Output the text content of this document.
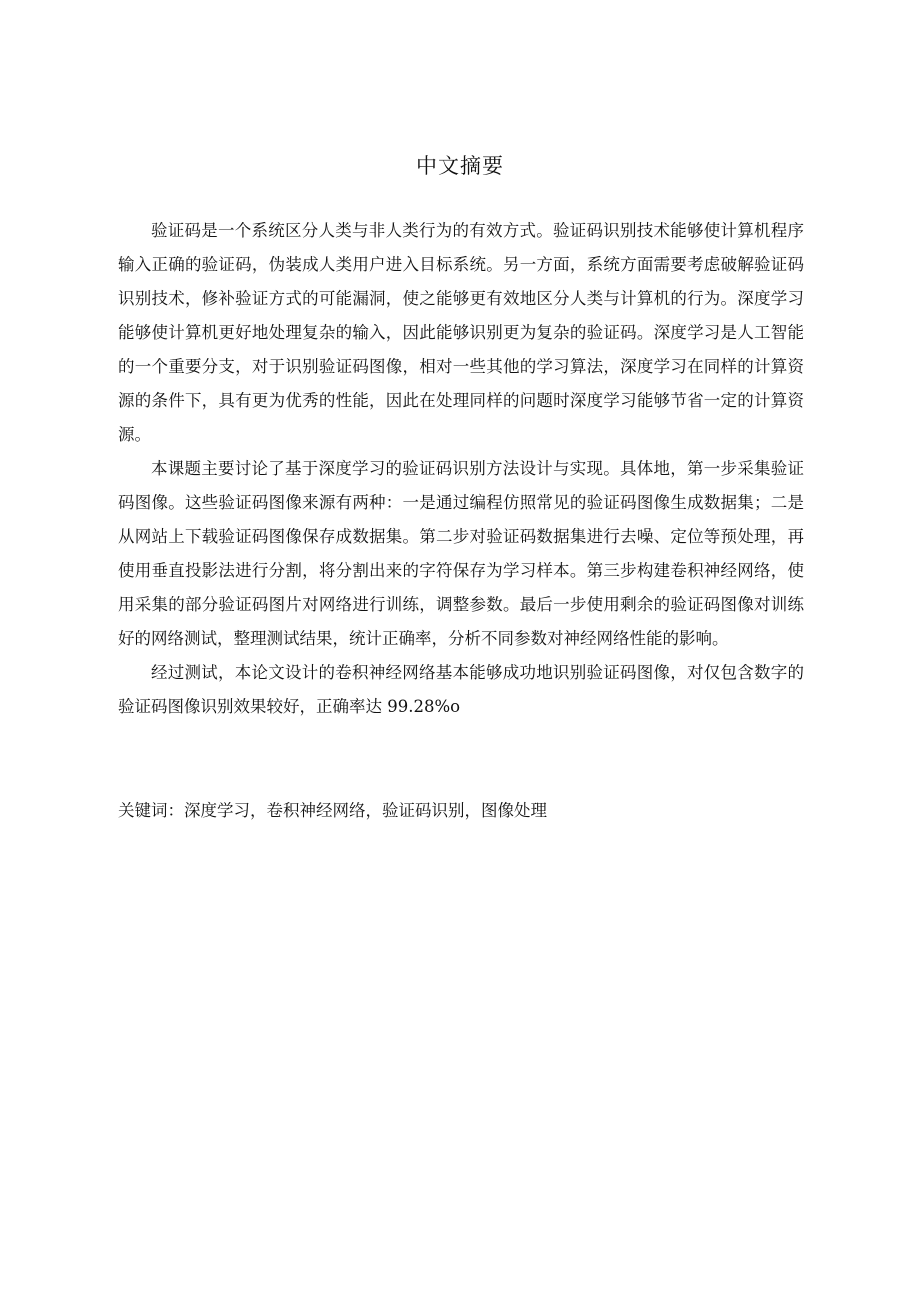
中文摘要

验证码是一个系统区分人类与非人类行为的有效方式。验证码识别技术能够使计算机程序输入正确的验证码，伪装成人类用户进入目标系统。另一方面，系统方面需要考虑破解验证码识别技术，修补验证方式的可能漏洞，使之能够更有效地区分人类与计算机的行为。深度学习能够使计算机更好地处理复杂的输入，因此能够识别更为复杂的验证码。深度学习是人工智能的一个重要分支，对于识别验证码图像，相对一些其他的学习算法，深度学习在同样的计算资源的条件下，具有更为优秀的性能，因此在处理同样的问题时深度学习能够节省一定的计算资源。

本课题主要讨论了基于深度学习的验证码识别方法设计与实现。具体地，第一步采集验证码图像。这些验证码图像来源有两种：一是通过编程仿照常见的验证码图像生成数据集；二是从网站上下载验证码图像保存成数据集。第二步对验证码数据集进行去噪、定位等预处理，再使用垂直投影法进行分割，将分割出来的字符保存为学习样本。第三步构建卷积神经网络，使用采集的部分验证码图片对网络进行训练，调整参数。最后一步使用剩余的验证码图像对训练好的网络测试，整理测试结果，统计正确率，分析不同参数对神经网络性能的影响。

经过测试，本论文设计的卷积神经网络基本能够成功地识别验证码图像，对仅包含数字的验证码图像识别效果较好，正确率达 99.28%o

关键词：深度学习，卷积神经网络，验证码识别，图像处理
